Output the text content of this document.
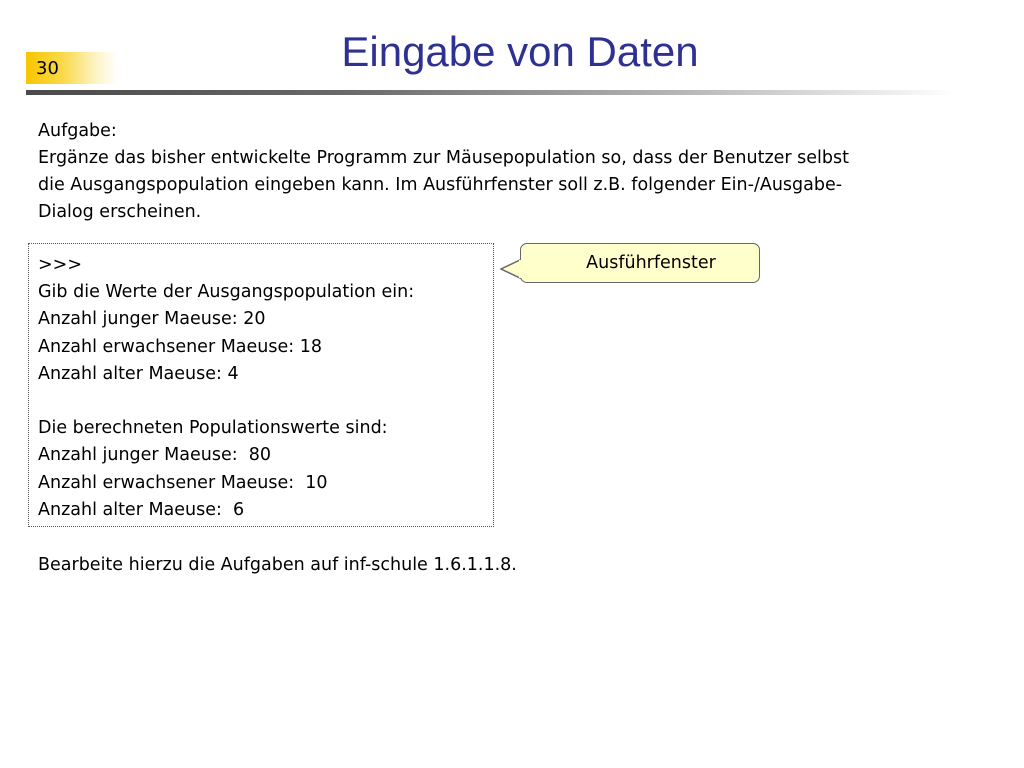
30	Eingabe von Daten
Aufgabe:
Ergänze das bisher entwickelte Programm zur Mäusepopulation so, dass der Benutzer selbst
die Ausgangspopulation eingeben kann. Im Ausführfenster soll z.B. folgender Ein-/Ausgabe-
Dialog erscheinen.
>>>
Gib die Werte der Ausgangspopulation ein:
Anzahl junger Maeuse: 20
Anzahl erwachsener Maeuse: 18
Anzahl alter Maeuse: 4
Die berechneten Populationswerte sind:
Anzahl junger Maeuse:  80
Anzahl erwachsener Maeuse:  10
Anzahl alter Maeuse:  6
Ausführfenster
Bearbeite hierzu die Aufgaben auf inf-schule 1.6.1.1.8.
